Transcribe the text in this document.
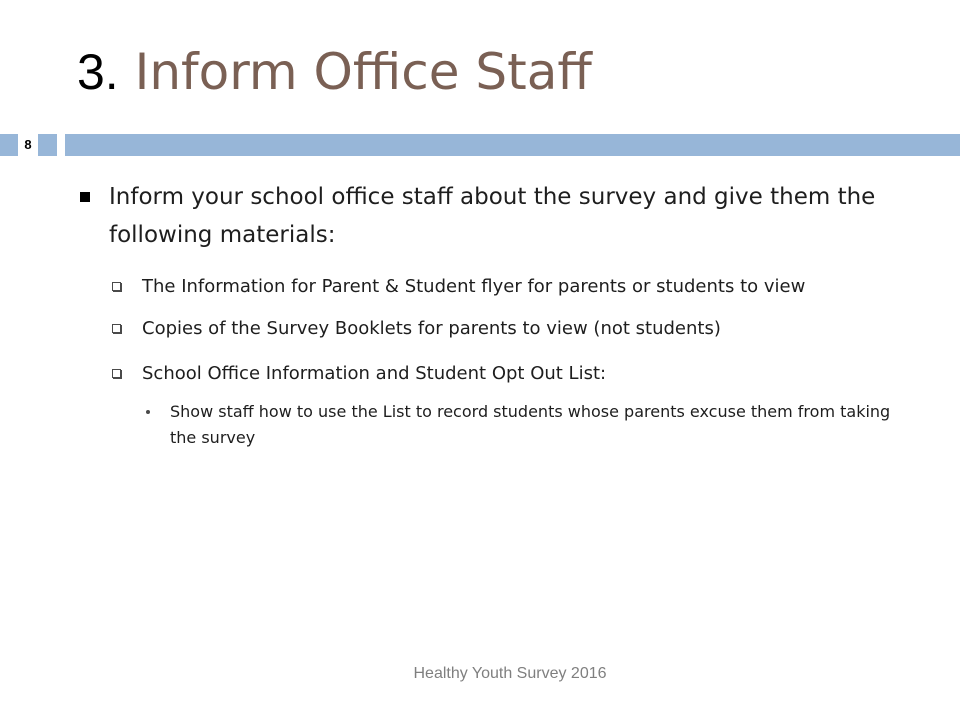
3. Inform Office Staff
8
Inform your school office staff about the survey and give them the following materials:
The Information for Parent & Student flyer for parents or students to view
Copies of the Survey Booklets for parents to view (not students)
School Office Information and Student Opt Out List:
Show staff how to use the List to record students whose parents excuse them from taking the survey
Healthy Youth Survey 2016
